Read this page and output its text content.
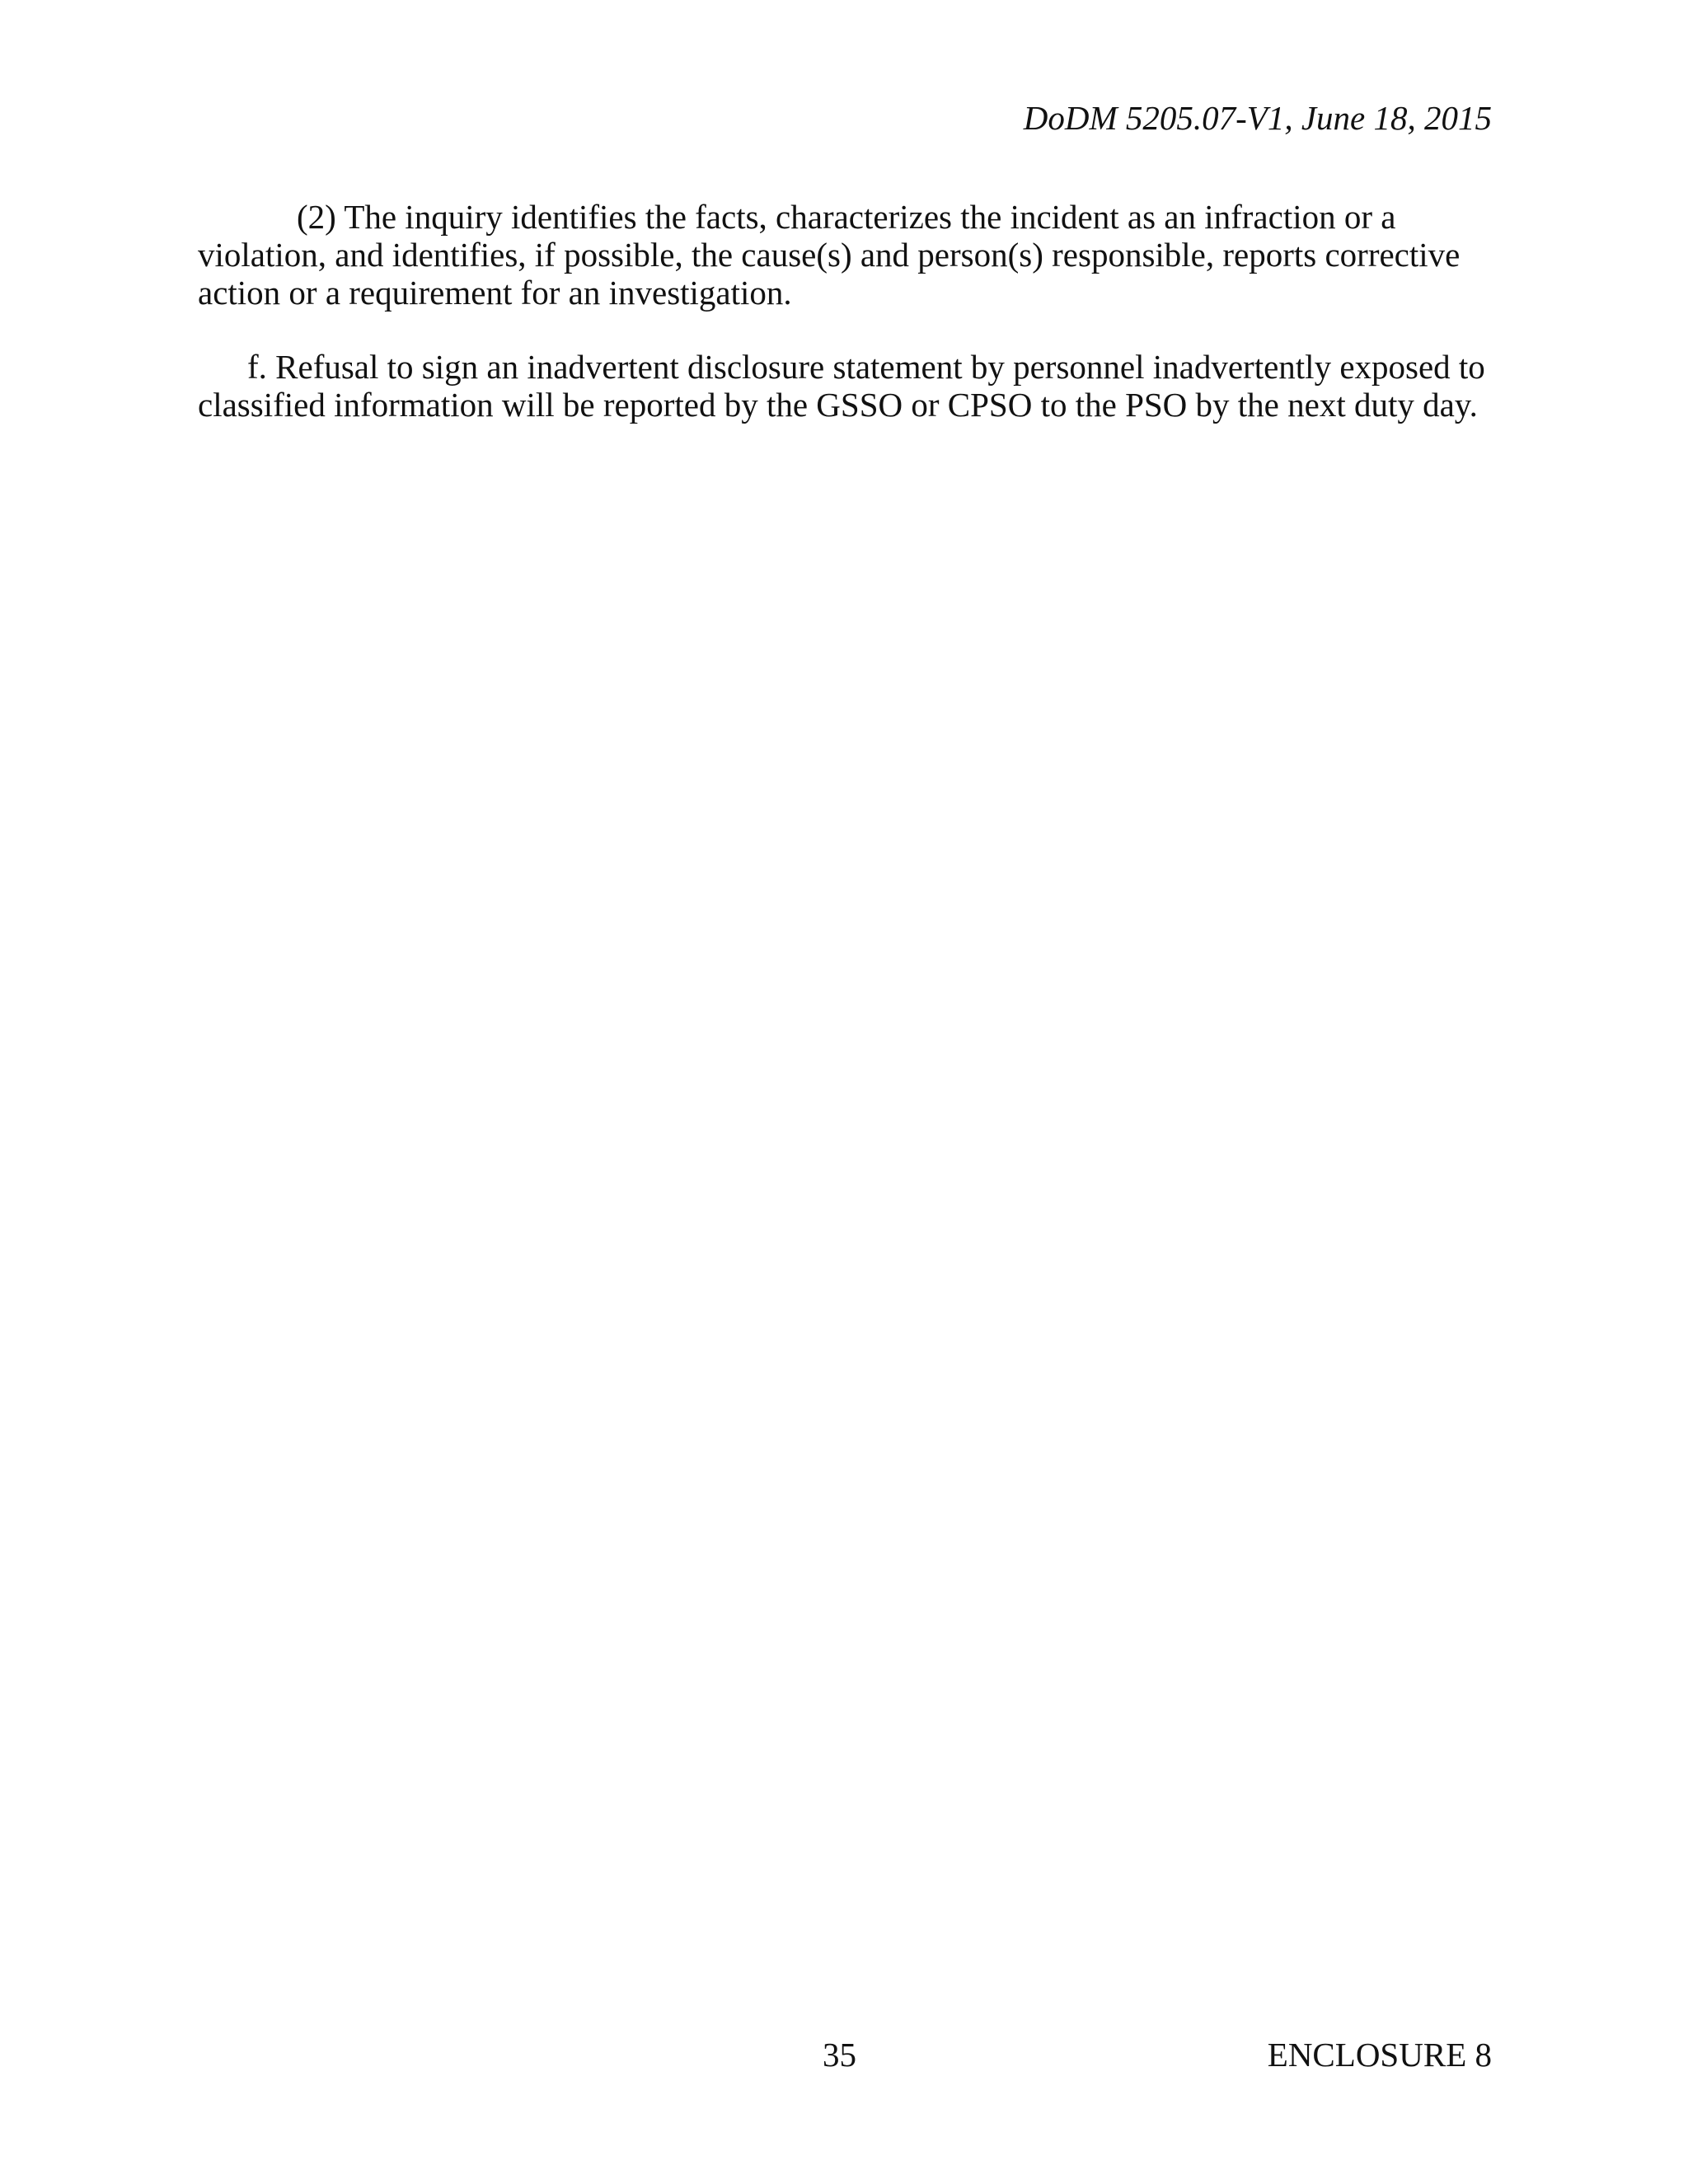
DoDM 5205.07-V1, June 18, 2015

(2) The inquiry identifies the facts, characterizes the incident as an infraction or a
violation, and identifies, if possible, the cause(s) and person(s) responsible, reports corrective
action or a requirement for an investigation.

f. Refusal to sign an inadvertent disclosure statement by personnel inadvertently exposed to
classified information will be reported by the GSSO or CPSO to the PSO by the next duty day.

35	ENCLOSURE 8
